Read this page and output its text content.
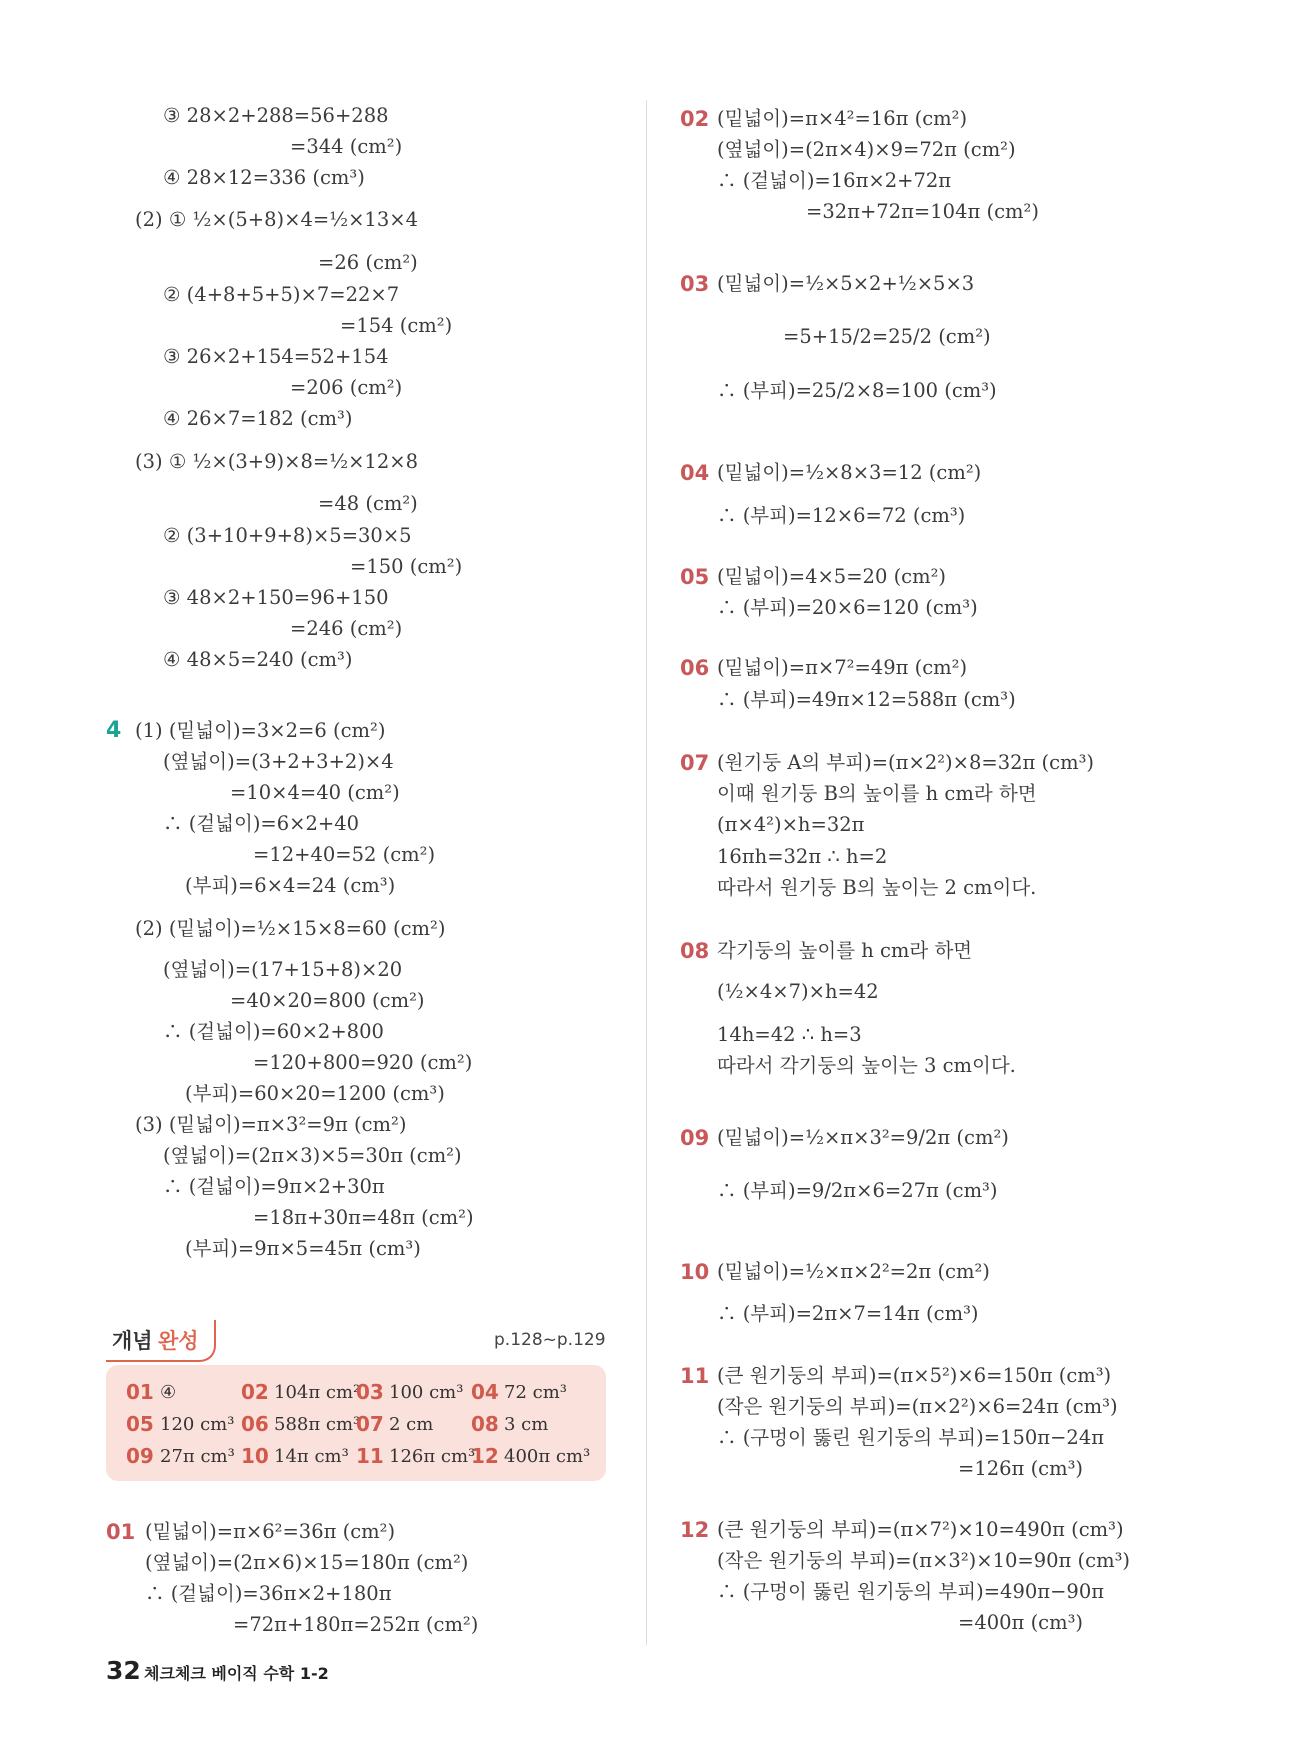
③ 28×2+288=56+288
=344 (cm²)
④ 28×12=336 (cm³)
(2) ① ½×(5+8)×4=½×13×4
=26 (cm²)
② (4+8+5+5)×7=22×7
=154 (cm²)
③ 26×2+154=52+154
=206 (cm²)
④ 26×7=182 (cm³)
(3) ① ½×(3+9)×8=½×12×8
=48 (cm²)
② (3+10+9+8)×5=30×5
=150 (cm²)
③ 48×2+150=96+150
=246 (cm²)
④ 48×5=240 (cm³)
4 (1) (밑넓이)=3×2=6 (cm²)
(옆넓이)=(3+2+3+2)×4
=10×4=40 (cm²)
∴ (겉넓이)=6×2+40
=12+40=52 (cm²)
(부피)=6×4=24 (cm³)
(2) (밑넓이)=½×15×8=60 (cm²)
(옆넓이)=(17+15+8)×20
=40×20=800 (cm²)
∴ (겉넓이)=60×2+800
=120+800=920 (cm²)
(부피)=60×20=1200 (cm³)
(3) (밑넓이)=π×3²=9π (cm²)
(옆넓이)=(2π×3)×5=30π (cm²)
∴ (겉넓이)=9π×2+30π
=18π+30π=48π (cm²)
(부피)=9π×5=45π (cm³)
개념 완성	p.128~p.129
01 ④	02 104π cm²
03 100 cm³ 04 72 cm³
05 120 cm³ 06 588π cm³
07 2 cm 08 3 cm
09 27π cm³ 10 14π cm³ 11 126π cm³
12 400π cm³
01 (밑넓이)=π×6²=36π (cm²)
(옆넓이)=(2π×6)×15=180π (cm²)
∴ (겉넓이)=36π×2+180π
=72π+180π=252π (cm²)
02 (밑넓이)=π×4²=16π (cm²)
(옆넓이)=(2π×4)×9=72π (cm²)
∴ (겉넓이)=16π×2+72π
=32π+72π=104π (cm²)
03 (밑넓이)=½×5×2+½×5×3
=5+15/2=25/2 (cm²)
∴ (부피)=25/2×8=100 (cm³)
04 (밑넓이)=½×8×3=12 (cm²)
∴ (부피)=12×6=72 (cm³)
05 (밑넓이)=4×5=20 (cm²)
∴ (부피)=20×6=120 (cm³)
06 (밑넓이)=π×7²=49π (cm²)
∴ (부피)=49π×12=588π (cm³)
07 (원기둥 A의 부피)=(π×2²)×8=32π (cm³)
이때 원기둥 B의 높이를 h cm라 하면
(π×4²)×h=32π
16πh=32π ∴ h=2
따라서 원기둥 B의 높이는 2 cm이다.
08 각기둥의 높이를 h cm라 하면
(½×4×7)×h=42
14h=42 ∴ h=3
따라서 각기둥의 높이는 3 cm이다.
09 (밑넓이)=½×π×3²=9/2π (cm²)
∴ (부피)=9/2π×6=27π (cm³)
10 (밑넓이)=½×π×2²=2π (cm²)
∴ (부피)=2π×7=14π (cm³)
11 (큰 원기둥의 부피)=(π×5²)×6=150π (cm³)
(작은 원기둥의 부피)=(π×2²)×6=24π (cm³)
∴ (구멍이 뚫린 원기둥의 부피)=150π−24π
=126π (cm³)
12 (큰 원기둥의 부피)=(π×7²)×10=490π (cm³)
(작은 원기둥의 부피)=(π×3²)×10=90π (cm³)
∴ (구멍이 뚫린 원기둥의 부피)=490π−90π
=400π (cm³)
32 체크체크 베이직 수학 1-2
